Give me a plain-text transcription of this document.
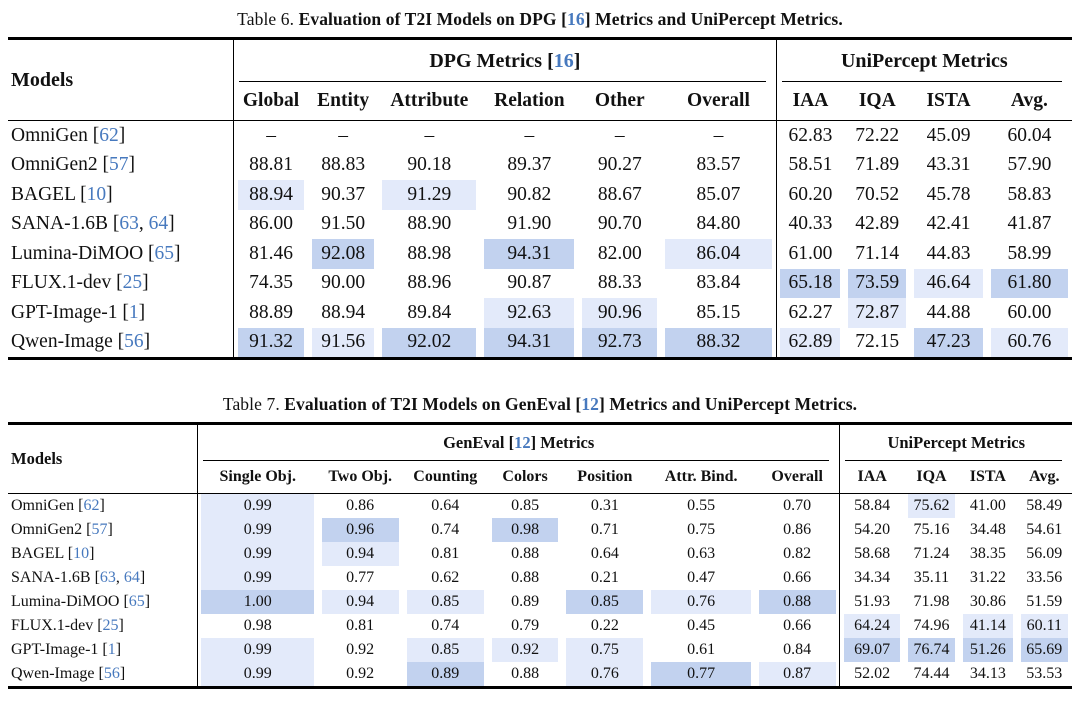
Table 6. Evaluation of T2I Models on DPG [16] Metrics and UniPercept Metrics.
Models	DPG Metrics [16]						UniPercept Metrics			
	Global	Entity	Attribute	Relation	Other	Overall	IAA	IQA	ISTA	Avg.
OmniGen [62]	–	–	–	–	–	–	62.83	72.22	45.09	60.04
OmniGen2 [57]	88.81	88.83	90.18	89.37	90.27	83.57	58.51	71.89	43.31	57.90
BAGEL [10]	88.94	90.37	91.29	90.82	88.67	85.07	60.20	70.52	45.78	58.83
SANA-1.6B [63, 64]	86.00	91.50	88.90	91.90	90.70	84.80	40.33	42.89	42.41	41.87
Lumina-DiMOO [65]	81.46	92.08	88.98	94.31	82.00	86.04	61.00	71.14	44.83	58.99
FLUX.1-dev [25]	74.35	90.00	88.96	90.87	88.33	83.84	65.18	73.59	46.64	61.80
GPT-Image-1 [1]	88.89	88.94	89.84	92.63	90.96	85.15	62.27	72.87	44.88	60.00
Qwen-Image [56]	91.32	91.56	92.02	94.31	92.73	88.32	62.89	72.15	47.23	60.76
Table 7. Evaluation of T2I Models on GenEval [12] Metrics and UniPercept Metrics.
Models	GenEval [12] Metrics							UniPercept Metrics			
	Single Obj.	Two Obj.	Counting	Colors	Position	Attr. Bind.	Overall	IAA	IQA	ISTA	Avg.
OmniGen [62]	0.99	0.86	0.64	0.85	0.31	0.55	0.70	58.84	75.62	41.00	58.49
OmniGen2 [57]	0.99	0.96	0.74	0.98	0.71	0.75	0.86	54.20	75.16	34.48	54.61
BAGEL [10]	0.99	0.94	0.81	0.88	0.64	0.63	0.82	58.68	71.24	38.35	56.09
SANA-1.6B [63, 64]	0.99	0.77	0.62	0.88	0.21	0.47	0.66	34.34	35.11	31.22	33.56
Lumina-DiMOO [65]	1.00	0.94	0.85	0.89	0.85	0.76	0.88	51.93	71.98	30.86	51.59
FLUX.1-dev [25]	0.98	0.81	0.74	0.79	0.22	0.45	0.66	64.24	74.96	41.14	60.11
GPT-Image-1 [1]	0.99	0.92	0.85	0.92	0.75	0.61	0.84	69.07	76.74	51.26	65.69
Qwen-Image [56]	0.99	0.92	0.89	0.88	0.76	0.77	0.87	52.02	74.44	34.13	53.53
